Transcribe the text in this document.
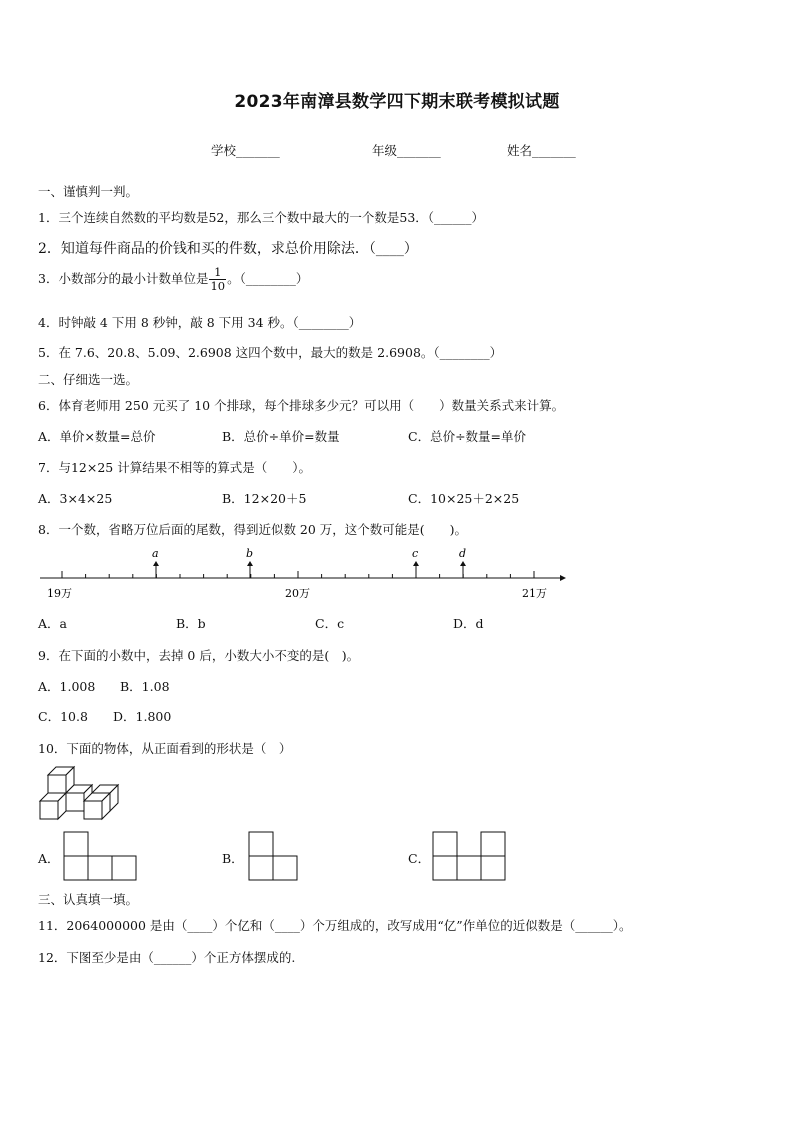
2023年南漳县数学四下期末联考模拟试题
学校_______	年级_______	姓名_______
一、谨慎判一判。
1．三个连续自然数的平均数是52，那么三个数中最大的一个数是53．（______）
2．知道每件商品的价钱和买的件数，求总价用除法．（____）
3．小数部分的最小计数单位是 $\frac{1}{10}$ 。（________）
4．时钟敲 4 下用 8 秒钟，敲 8 下用 34 秒。（________）
5．在 7.6、20.8、5.09、2.6908 这四个数中，最大的数是 2.6908。（________）
二、仔细选一选。
6．体育老师用 250 元买了 10 个排球，每个排球多少元？可以用（　　）数量关系式来计算。
A．单价×数量=总价	B．总价÷单价=数量	C．总价÷数量=单价
7．与12×25 计算结果不相等的算式是（　　）。
A．3×4×25	B．12×20＋5	C．10×25＋2×25
8．一个数，省略万位后面的尾数，得到近似数 20 万，这个数可能是(　　)。
a	b	c	d
19万	20万	21万
A．a	B．b	C．c	D．d
9．在下面的小数中，去掉 0 后，小数大小不变的是(　)。
A．1.008 B．1.08
C．10.8 D．1.800
10．下面的物体，从正面看到的形状是（　）
A．	B．	C．
三、认真填一填。
11．2064000000 是由（____）个亿和（____）个万组成的，改写成用“亿”作单位的近似数是（______）。
12．下图至少是由（______）个正方体摆成的.
